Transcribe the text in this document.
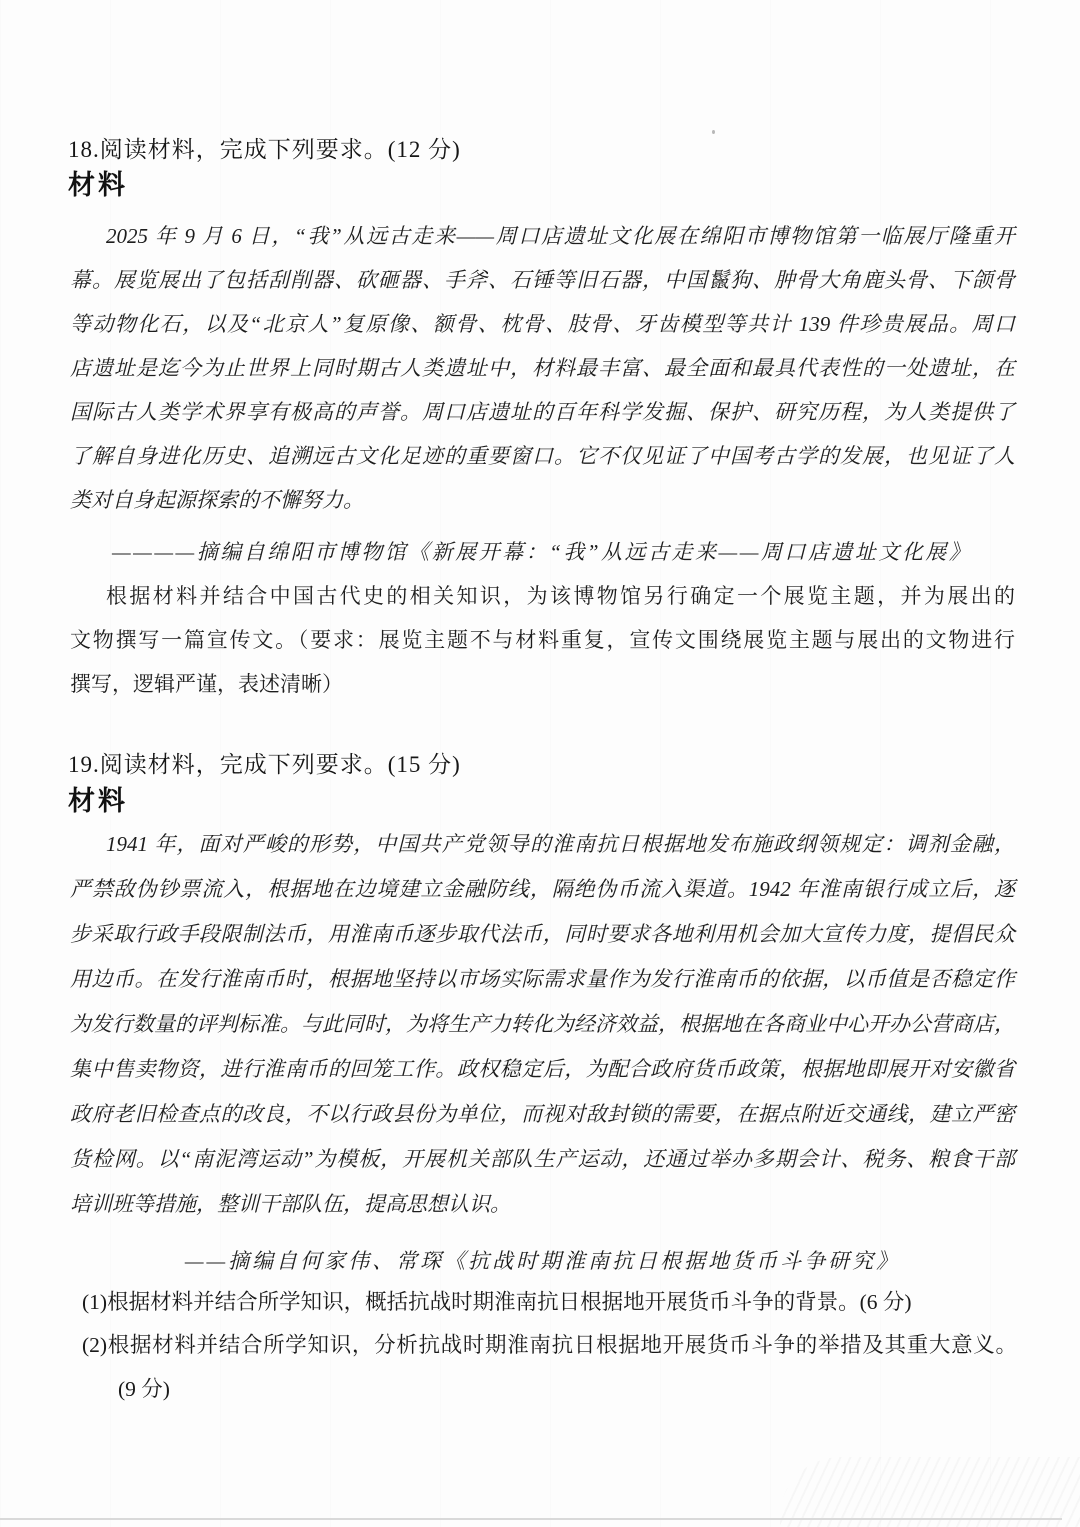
18.阅读材料，完成下列要求。(12 分)
材料
2025 年 9 月 6 日，“我”从远古走来——周口店遗址文化展在绵阳市博物馆第一临展厅隆重开
幕。展览展出了包括刮削器、砍砸器、手斧、石锤等旧石器，中国鬣狗、肿骨大角鹿头骨、下颌骨
等动物化石，以及“北京人”复原像、额骨、枕骨、肢骨、牙齿模型等共计 139 件珍贵展品。周口
店遗址是迄今为止世界上同时期古人类遗址中，材料最丰富、最全面和最具代表性的一处遗址，在
国际古人类学术界享有极高的声誉。周口店遗址的百年科学发掘、保护、研究历程，为人类提供了
了解自身进化历史、追溯远古文化足迹的重要窗口。它不仅见证了中国考古学的发展，也见证了人
类对自身起源探索的不懈努力。
————摘编自绵阳市博物馆《新展开幕：“我”从远古走来——周口店遗址文化展》
根据材料并结合中国古代史的相关知识，为该博物馆另行确定一个展览主题，并为展出的
文物撰写一篇宣传文。（要求：展览主题不与材料重复，宣传文围绕展览主题与展出的文物进行
撰写，逻辑严谨，表述清晰）
19.阅读材料，完成下列要求。(15 分)
材料
1941 年，面对严峻的形势，中国共产党领导的淮南抗日根据地发布施政纲领规定：调剂金融，
严禁敌伪钞票流入，根据地在边境建立金融防线，隔绝伪币流入渠道。1942 年淮南银行成立后，逐
步采取行政手段限制法币，用淮南币逐步取代法币，同时要求各地利用机会加大宣传力度，提倡民众
用边币。在发行淮南币时，根据地坚持以市场实际需求量作为发行淮南币的依据，以币值是否稳定作
为发行数量的评判标准。与此同时，为将生产力转化为经济效益，根据地在各商业中心开办公营商店，
集中售卖物资，进行淮南币的回笼工作。政权稳定后，为配合政府货币政策，根据地即展开对安徽省
政府老旧检查点的改良，不以行政县份为单位，而视对敌封锁的需要，在据点附近交通线，建立严密
货检网。以“南泥湾运动”为模板，开展机关部队生产运动，还通过举办多期会计、税务、粮食干部
培训班等措施，整训干部队伍，提高思想认识。
——摘编自何家伟、常琛《抗战时期淮南抗日根据地货币斗争研究》
(1)根据材料并结合所学知识，概括抗战时期淮南抗日根据地开展货币斗争的背景。(6 分)
(2)根据材料并结合所学知识，分析抗战时期淮南抗日根据地开展货币斗争的举措及其重大意义。
(9 分)
